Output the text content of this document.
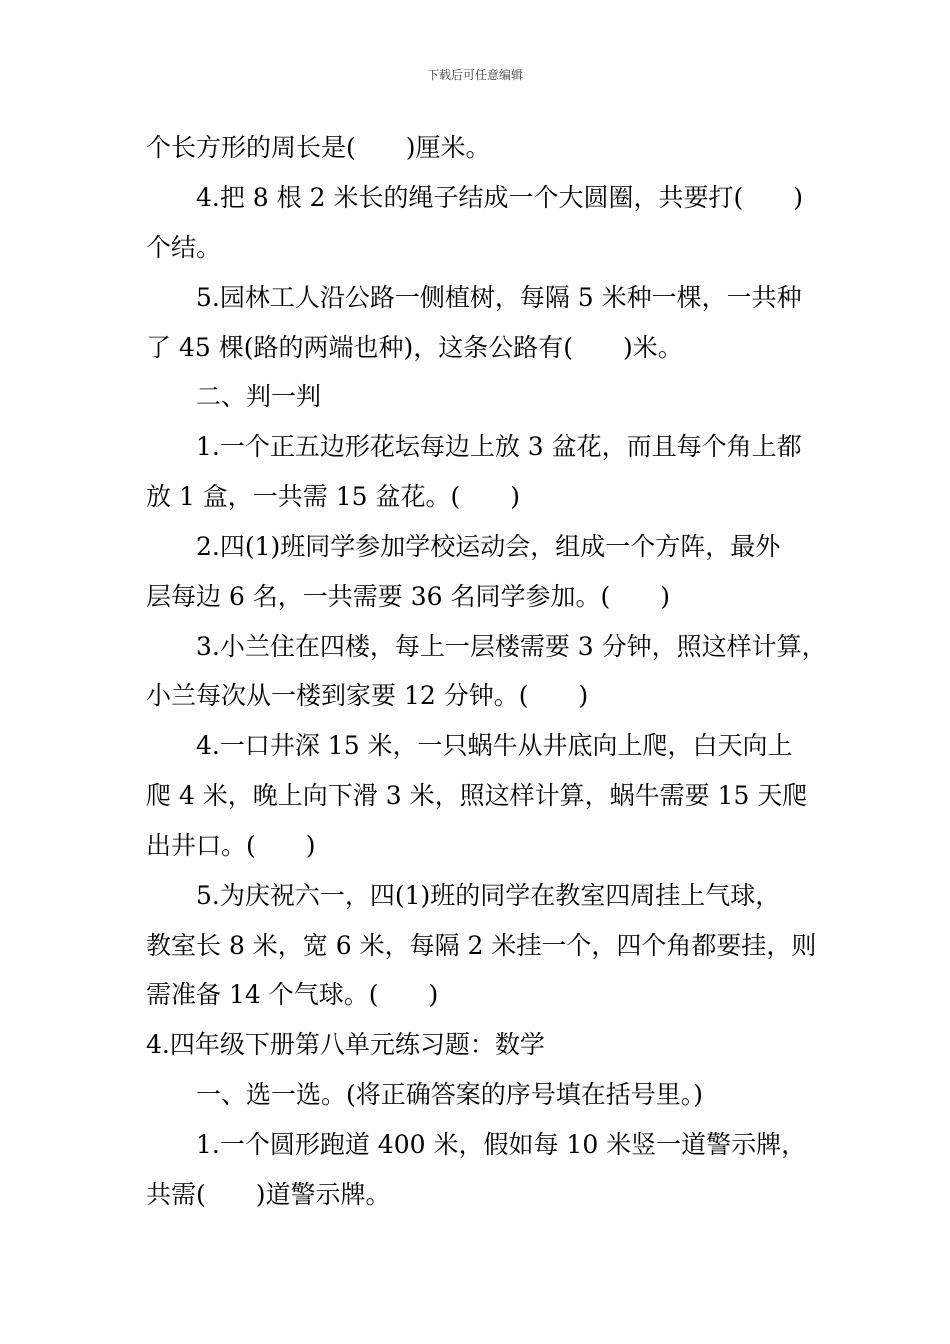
下载后可任意编辑
个长方形的周长是(　　)厘米。
4.把 8 根 2 米长的绳子结成一个大圆圈，共要打(　　)
个结。
5.园林工人沿公路一侧植树，每隔 5 米种一棵，一共种
了 45 棵(路的两端也种)，这条公路有(　　)米。
二、判一判
1.一个正五边形花坛每边上放 3 盆花，而且每个角上都
放 1 盒，一共需 15 盆花。(　　)
2.四(1)班同学参加学校运动会，组成一个方阵，最外
层每边 6 名，一共需要 36 名同学参加。(　　)
3.小兰住在四楼，每上一层楼需要 3 分钟，照这样计算，
小兰每次从一楼到家要 12 分钟。(　　)
4.一口井深 15 米，一只蜗牛从井底向上爬，白天向上
爬 4 米，晚上向下滑 3 米，照这样计算，蜗牛需要 15 天爬
出井口。(　　)
5.为庆祝六一，四(1)班的同学在教室四周挂上气球，
教室长 8 米，宽 6 米，每隔 2 米挂一个，四个角都要挂，则
需准备 14 个气球。(　　)
4.四年级下册第八单元练习题：数学
一、选一选。(将正确答案的序号填在括号里。)
1.一个圆形跑道 400 米，假如每 10 米竖一道警示牌，
共需(　　)道警示牌。
